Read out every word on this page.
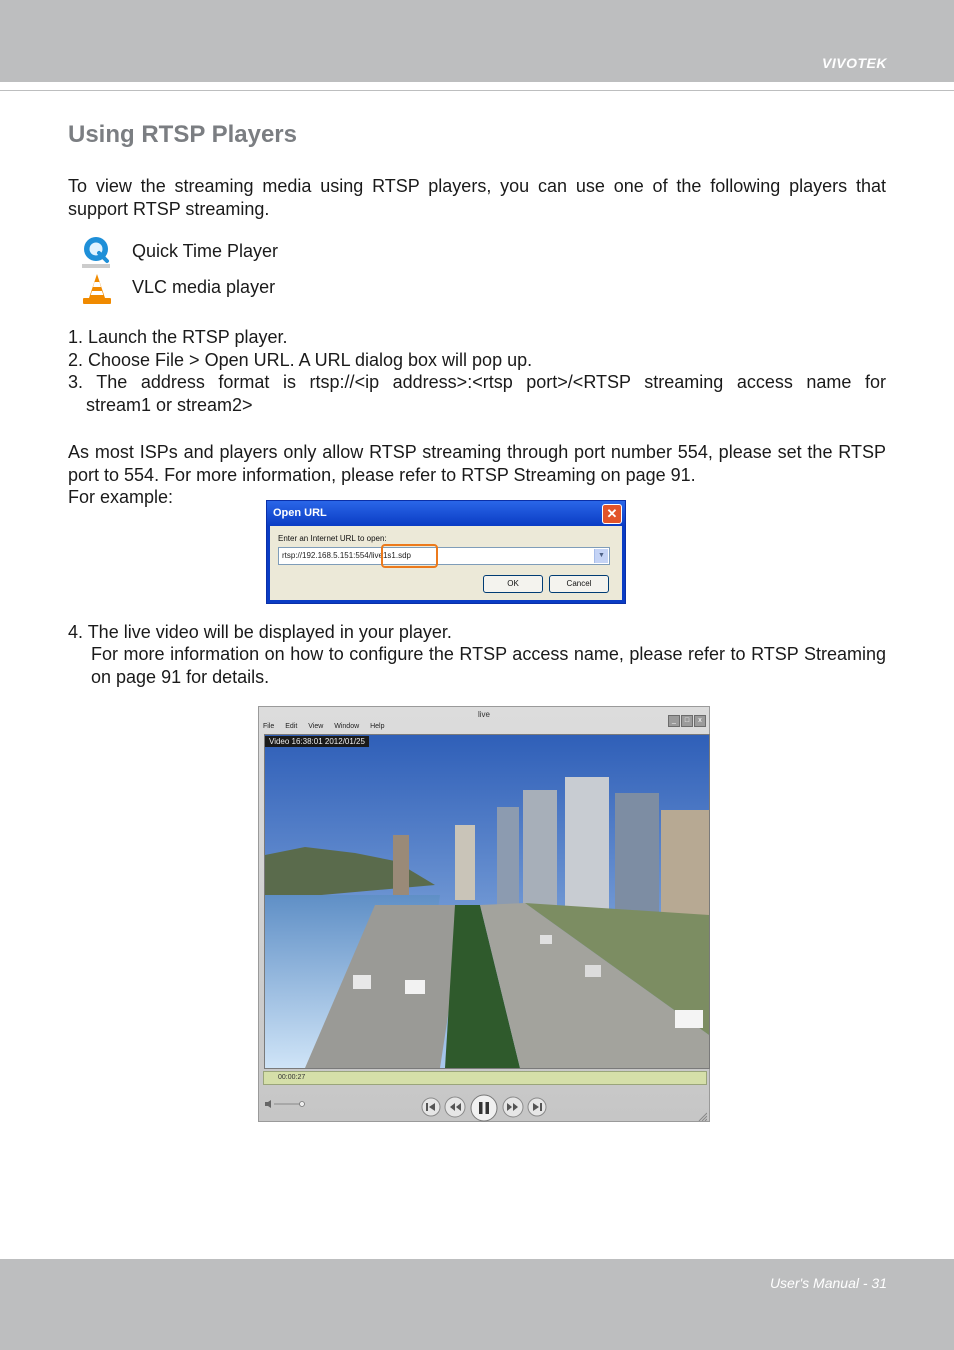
VIVOTEK
Using RTSP Players

To view the streaming media using RTSP players, you can use one of the following players that support RTSP streaming.

Quick Time Player
VLC media player
1. Launch the RTSP player.
2. Choose File > Open URL. A URL dialog box will pop up.
3. The address format is rtsp://<ip address>:<rtsp port>/<RTSP streaming access name for
stream1 or stream2>

As most ISPs and players only allow RTSP streaming through port number 554, please set the RTSP port to 554. For more information, please refer to RTSP Streaming on page 91.

For example:
Open URL	✕
Enter an Internet URL to open:
rtsp://192.168.5.151:554/live1s1.sdp	▼
OK	Cancel
4. The live video will be displayed in your player.

For more information on how to configure the RTSP access name, please refer to RTSP Streaming on page 91 for details.

live
_ □ x
File Edit View Window Help
Video 16:38:01 2012/01/25
00:00:27
User's Manual - 31
